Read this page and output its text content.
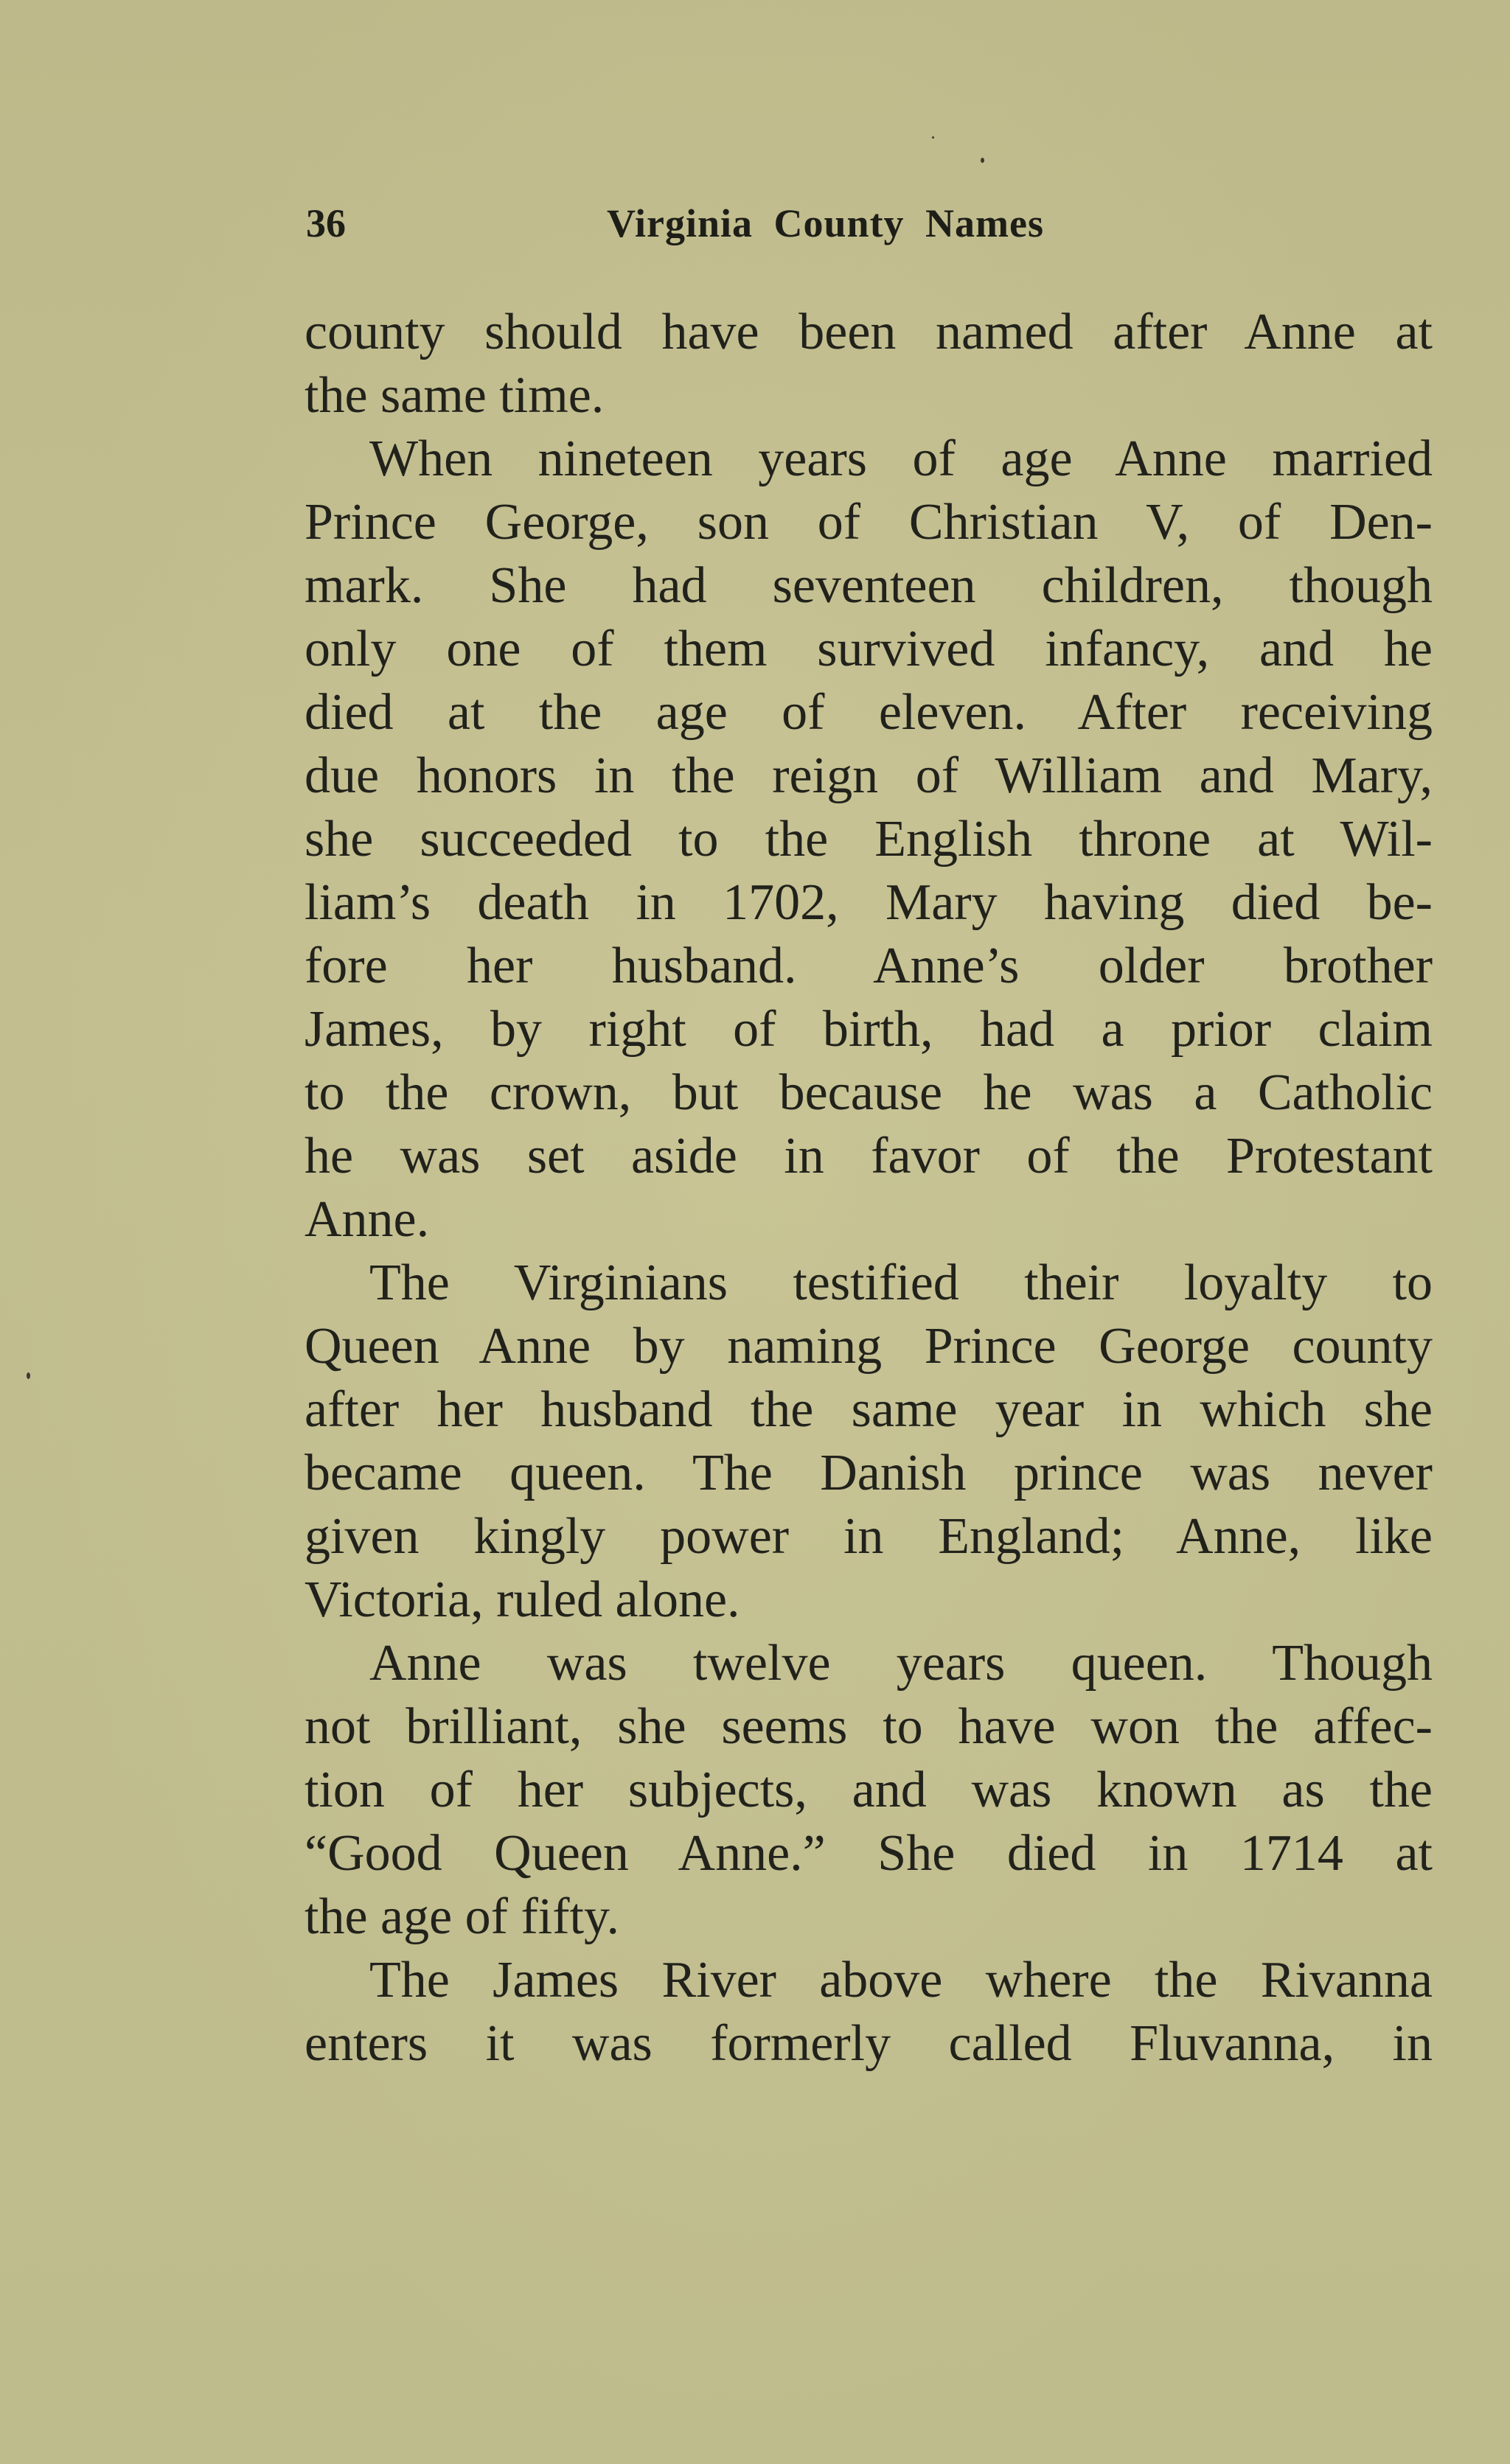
36	Virginia County Names
county should have been named after Anne at
the same time.
When nineteen years of age Anne married
Prince George, son of Christian V, of Den-
mark. She had seventeen children, though
only one of them survived infancy, and he
died at the age of eleven. After receiving
due honors in the reign of William and Mary,
she succeeded to the English throne at Wil-
liam’s death in 1702, Mary having died be-
fore her husband. Anne’s older brother
James, by right of birth, had a prior claim
to the crown, but because he was a Catholic
he was set aside in favor of the Protestant
Anne.
The Virginians testified their loyalty to
Queen Anne by naming Prince George county
after her husband the same year in which she
became queen. The Danish prince was never
given kingly power in England; Anne, like
Victoria, ruled alone.
Anne was twelve years queen. Though
not brilliant, she seems to have won the affec-
tion of her subjects, and was known as the
“Good Queen Anne.” She died in 1714 at
the age of fifty.
The James River above where the Rivanna
enters it was formerly called Fluvanna, in
